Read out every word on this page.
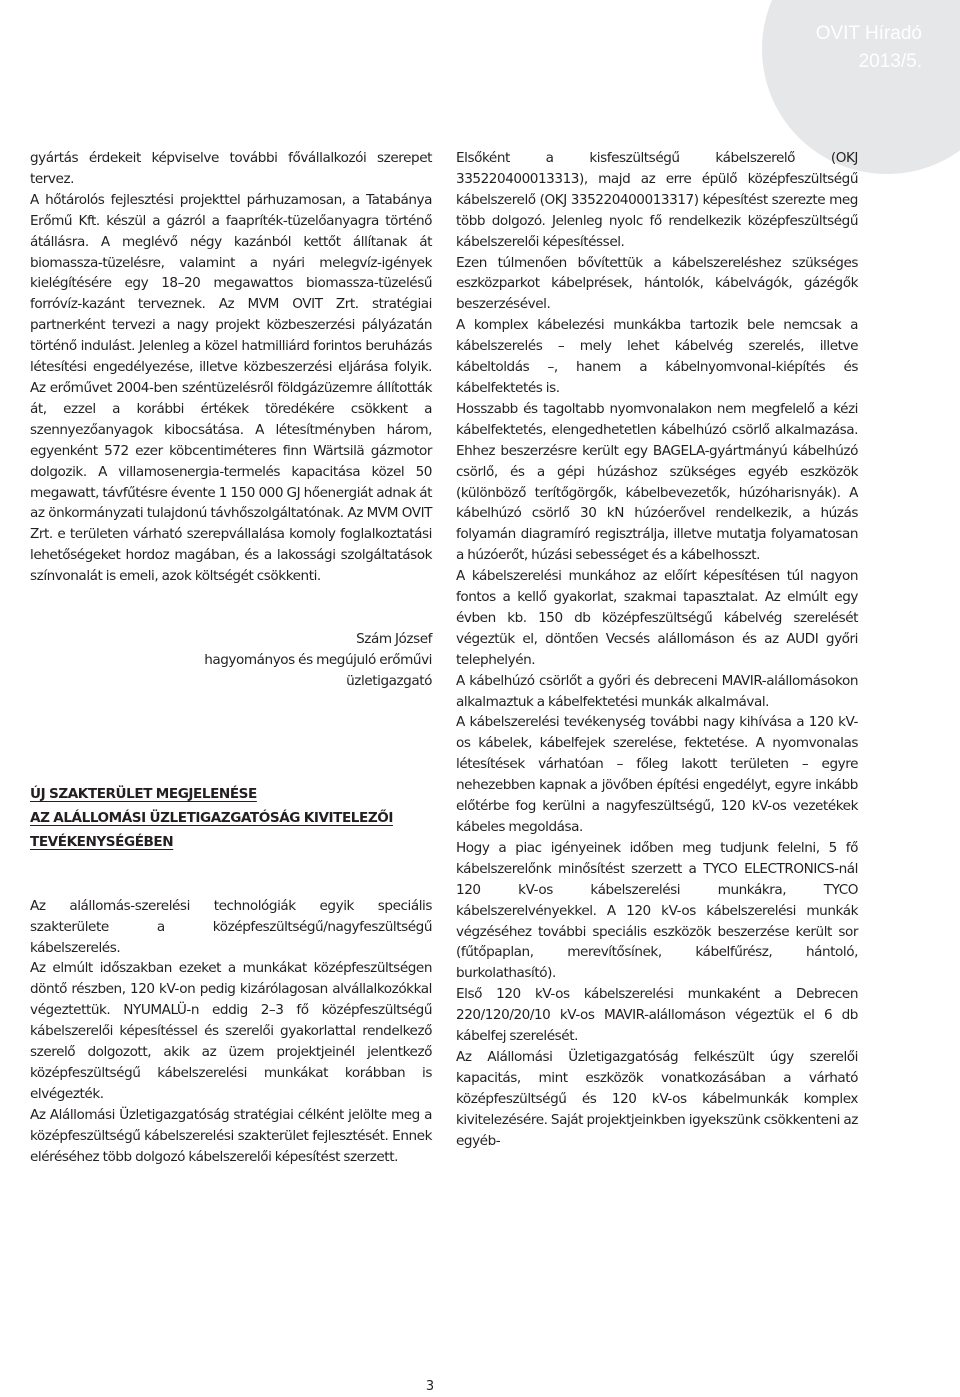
OVIT Híradó
2013/5.

gyártás érdekeit képviselve további fővállalkozói szerepet tervez.

A hőtárolós fejlesztési projekttel párhuzamosan, a Tatabánya Erőmű Kft. készül a gázról a faapríték-tüzelőanyagra történő átállásra. A meglévő négy kazánból kettőt állítanak át biomassza-tüzelésre, valamint a nyári melegvíz-igények kielégítésére egy 18–20 megawattos biomassza-tüzelésű forróvíz-kazánt terveznek. Az MVM OVIT Zrt. stratégiai partnerként tervezi a nagy projekt közbeszerzési pályázatán történő indulást. Jelenleg a közel hatmilliárd forintos beruházás létesítési engedélyezése, illetve közbeszerzési eljárása folyik. Az erőművet 2004-ben széntüzelésről földgázüzemre állították át, ezzel a korábbi értékek töredékére csökkent a szennyezőanyagok kibocsátása. A létesítményben három, egyenként 572 ezer köbcentiméteres finn Wärtsilä gázmotor dolgozik. A villamosenergia-termelés kapacitása közel 50 megawatt, távfűtésre évente 1 150 000 GJ hőenergiát adnak át az önkormányzati tulajdonú távhőszolgáltatónak. Az MVM OVIT Zrt. e területen várható szerepvállalása komoly foglalkoztatási lehetőségeket hordoz magában, és a lakossági szolgáltatások színvonalát is emeli, azok költségét csökkenti.

Szám József
hagyományos és megújuló erőművi
üzletigazgató
ÚJ SZAKTERÜLET MEGJELENÉSE
AZ ALÁLLOMÁSI ÜZLETIGAZGATÓSÁG KIVITELEZŐI
TEVÉKENYSÉGÉBEN

Az alállomás-szerelési technológiák egyik speciális szakterülete a középfeszültségű/nagyfeszültségű kábelszerelés.

Az elmúlt időszakban ezeket a munkákat középfeszültségen döntő részben, 120 kV-on pedig kizárólagosan alvállalkozókkal végeztettük. NYUMALÜ-n eddig 2–3 fő középfeszültségű kábelszerelői képesítéssel és szerelői gyakorlattal rendelkező szerelő dolgozott, akik az üzem projektjeinél jelentkező középfeszültségű kábelszerelési munkákat korábban is elvégezték.

Az Alállomási Üzletigazgatóság stratégiai célként jelölte meg a középfeszültségű kábelszerelési szakterület fejlesztését. Ennek eléréséhez több dolgozó kábelszerelői képesítést szerzett.

Elsőként a kisfeszültségű kábelszerelő (OKJ 335220400013313), majd az erre épülő középfeszültségű kábelszerelő (OKJ 335220400013317) képesítést szerezte meg több dolgozó. Jelenleg nyolc fő rendelkezik középfeszültségű kábelszerelői képesítéssel.

Ezen túlmenően bővítettük a kábelszereléshez szükséges eszközparkot kábelprések, hántolók, kábelvágók, gázégők beszerzésével.

A komplex kábelezési munkákba tartozik bele nemcsak a kábelszerelés – mely lehet kábelvég szerelés, illetve kábeltoldás –, hanem a kábelnyomvonal-kiépítés és kábelfektetés is.

Hosszabb és tagoltabb nyomvonalakon nem megfelelő a kézi kábelfektetés, elengedhetetlen kábelhúzó csörlő alkalmazása. Ehhez beszerzésre került egy BAGELA-gyártmányú kábelhúzó csörlő, és a gépi húzáshoz szükséges egyéb eszközök (különböző terítőgörgők, kábelbevezetők, húzóharisnyák). A kábelhúzó csörlő 30 kN húzóerővel rendelkezik, a húzás folyamán diagramíró regisztrálja, illetve mutatja folyamatosan a húzóerőt, húzási sebességet és a kábelhosszt.

A kábelszerelési munkához az előírt képesítésen túl nagyon fontos a kellő gyakorlat, szakmai tapasztalat. Az elmúlt egy évben kb. 150 db középfeszültségű kábelvég szerelését végeztük el, döntően Vecsés alállomáson és az AUDI győri telephelyén.

A kábelhúzó csörlőt a győri és debreceni MAVIR-alállomásokon alkalmaztuk a kábelfektetési munkák alkalmával.

A kábelszerelési tevékenység további nagy kihívása a 120 kV-os kábelek, kábelfejek szerelése, fektetése. A nyomvonalas létesítések várhatóan – főleg lakott területen – egyre nehezebben kapnak a jövőben építési engedélyt, egyre inkább előtérbe fog kerülni a nagyfeszültségű, 120 kV-os vezetékek kábeles megoldása.

Hogy a piac igényeinek időben meg tudjunk felelni, 5 fő kábelszerelőnk minősítést szerzett a TYCO ELECTRONICS-nál 120 kV-os kábelszerelési munkákra, TYCO kábelszerelvényekkel. A 120 kV-os kábelszerelési munkák végzéséhez további speciális eszközök beszerzése került sor (fűtőpaplan, merevítősínek, kábelfűrész, hántoló, burkolathasító).

Első 120 kV-os kábelszerelési munkaként a Debrecen 220/120/20/10 kV-os MAVIR-alállomáson végeztük el 6 db kábelfej szerelését.

Az Alállomási Üzletigazgatóság felkészült úgy szerelői kapacitás, mint eszközök vonatkozásában a várható középfeszültségű és 120 kV-os kábelmunkák komplex kivitelezésére. Saját projektjeinkben igyekszünk csökkenteni az egyéb-

3
